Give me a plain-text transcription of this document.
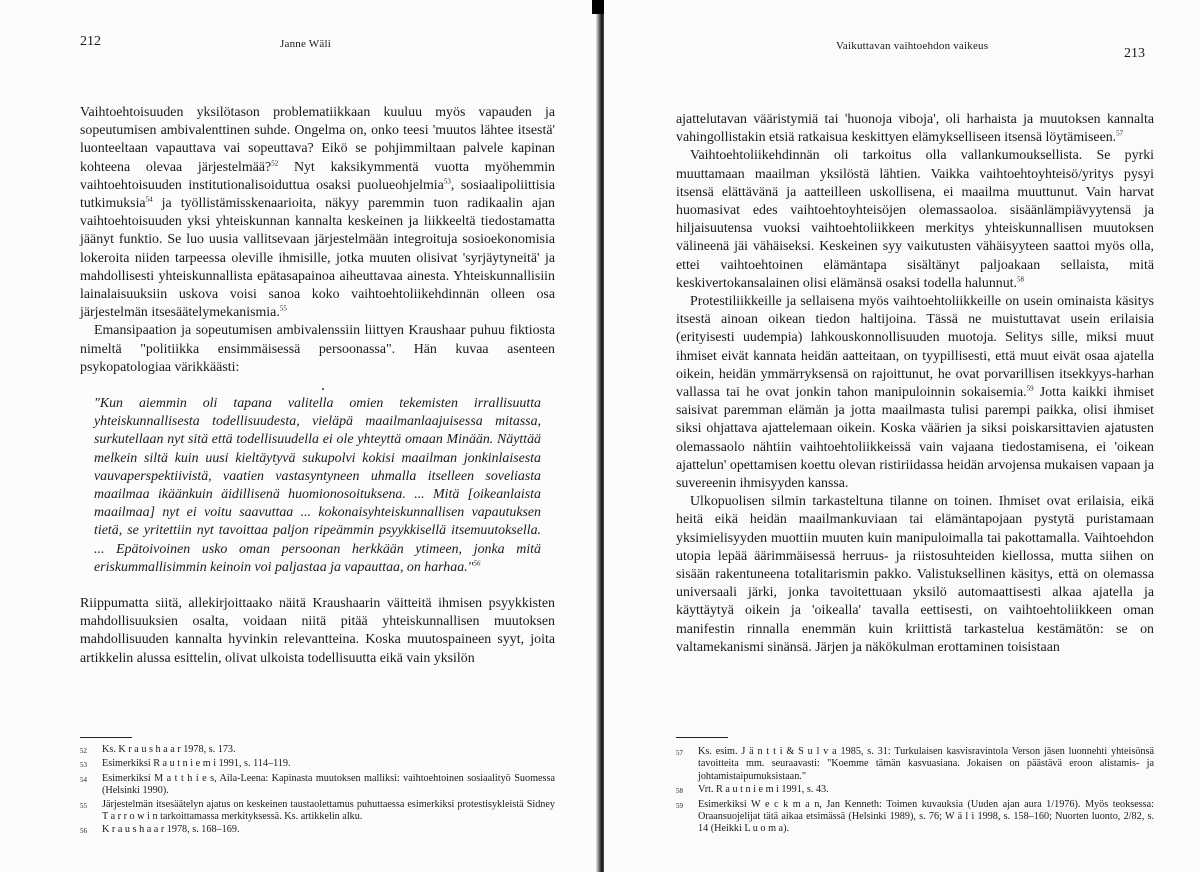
212	Janne Wäli

Vaihtoehtoisuuden yksilötason problematiikkaan kuuluu myös vapauden ja sopeutumisen ambivalenttinen suhde. Ongelma on, onko teesi 'muutos lähtee itsestä' luonteeltaan vapauttava vai sopeuttava? Eikö se pohjimmiltaan palvele kapinan kohteena olevaa järjestelmää?$^{52}$ Nyt kaksikymmentä vuotta myöhemmin vaihtoehtoisuuden institutionalisoiduttua osaksi puolueohjelmia$^{53}$, sosiaalipoliittisia tutkimuksia$^{54}$ ja työllistämisskenaarioita, näkyy paremmin tuon radikaalin ajan vaihtoehtoisuuden yksi yhteiskunnan kannalta keskeinen ja liikkeeltä tiedostamatta jäänyt funktio. Se luo uusia vallitsevaan järjestelmään integroituja sosioekonomisia lokeroita niiden tarpeessa oleville ihmisille, jotka muuten olisivat 'syrjäytyneitä' ja mahdollisesti yhteiskunnallista epätasapainoa aiheuttavaa ainesta. Yhteiskunnallisiin lainalaisuuksiin uskova voisi sanoa koko vaihtoehtoliikehdinnän olleen osa järjestelmän itsesäätelymekanismia.$^{55}$

Emansipaation ja sopeutumisen ambivalenssiin liittyen Kraushaar puhuu fiktiosta nimeltä "politiikka ensimmäisessä persoonassa". Hän kuvaa asenteen psykopatologiaa värikkäästi:

"Kun aiemmin oli tapana valitella omien tekemisten irrallisuutta yhteiskunnallisesta todellisuudesta, vieläpä maailmanlaajuisessa mitassa, surkutellaan nyt sitä että todellisuudella ei ole yhteyttä omaan Minään. Näyttää melkein siltä kuin uusi kieltäytyvä sukupolvi kokisi maailman jonkinlaisesta vauvaperspektiivistä, vaatien vastasyntyneen uhmalla itselleen soveliasta maailmaa ikäänkuin äidillisenä huomionosoituksena. ... Mitä [oikeanlaista maailmaa] nyt ei voitu saavuttaa ... kokonaisyhteiskunnallisen vapautuksen tietä, se yritettiin nyt tavoittaa paljon ripeämmin psyykkisellä itsemuutoksella. ... Epätoivoinen usko oman persoonan herkkään ytimeen, jonka mitä eriskummallisimmin keinoin voi paljastaa ja vapauttaa, on harhaa."$^{56}$

Riippumatta siitä, allekirjoittaako näitä Kraushaarin väitteitä ihmisen psyykkisten mahdollisuuksien osalta, voidaan niitä pitää yhteiskunnallisen muutoksen mahdollisuuden kannalta hyvinkin relevantteina. Koska muutospaineen syyt, joita artikkelin alussa esittelin, olivat ulkoista todellisuutta eikä vain yksilön

52	Ks. K r a u s h a a r 1978, s. 173.
53	Esimerkiksi R a u t n i e m i 1991, s. 114–119.
54	Esimerkiksi M a t t h i e s, Aila-Leena: Kapinasta muutoksen malliksi: vaihtoehtoinen sosiaalityö Suomessa (Helsinki 1990).
55	Järjestelmän itsesäätelyn ajatus on keskeinen taustaolettamus puhuttaessa esimerkiksi protestisykleistä Sidney T a r r o w i n tarkoittamassa merkityksessä. Ks. artikkelin alku.
56	K r a u s h a a r 1978, s. 168–169.
Vaikuttavan vaihtoehdon vaikeus	213

ajattelutavan vääristymiä tai 'huonoja viboja', oli harhaista ja muutoksen kannalta vahingollistakin etsiä ratkaisua keskittyen elämykselliseen itsensä löytämiseen.$^{57}$

Vaihtoehtoliikehdinnän oli tarkoitus olla vallankumouksellista. Se pyrki muuttamaan maailman yksilöstä lähtien. Vaikka vaihtoehtoyhteisö/yritys pysyi itsensä elättävänä ja aatteilleen uskollisena, ei maailma muuttunut. Vain harvat huomasivat edes vaihtoehtoyhteisöjen olemassaoloa. sisäänlämpiävyytensä ja hiljaisuutensa vuoksi vaihtoehtoliikkeen merkitys yhteiskunnallisen muutoksen välineenä jäi vähäiseksi. Keskeinen syy vaikutusten vähäisyyteen saattoi myös olla, ettei vaihtoehtoinen elämäntapa sisältänyt paljoakaan sellaista, mitä keskivertokansalainen olisi elämänsä osaksi todella halunnut.$^{58}$

Protestiliikkeille ja sellaisena myös vaihtoehtoliikkeille on usein ominaista käsitys itsestä ainoan oikean tiedon haltijoina. Tässä ne muistuttavat usein erilaisia (erityisesti uudempia) lahkouskonnollisuuden muotoja. Selitys sille, miksi muut ihmiset eivät kannata heidän aatteitaan, on tyypillisesti, että muut eivät osaa ajatella oikein, heidän ymmärryksensä on rajoittunut, he ovat porvarillisen itsekkyys-harhan vallassa tai he ovat jonkin tahon manipuloinnin sokaisemia.$^{59}$ Jotta kaikki ihmiset saisivat paremman elämän ja jotta maailmasta tulisi parempi paikka, olisi ihmiset siksi ohjattava ajattelemaan oikein. Koska väärien ja siksi poiskarsittavien ajatusten olemassaolo nähtiin vaihtoehtoliikkeissä vain vajaana tiedostamisena, ei 'oikean ajattelun' opettamisen koettu olevan ristiriidassa heidän arvojensa mukaisen vapaan ja suvereenin ihmisyyden kanssa.

Ulkopuolisen silmin tarkasteltuna tilanne on toinen. Ihmiset ovat erilaisia, eikä heitä eikä heidän maailmankuviaan tai elämäntapojaan pystytä puristamaan yksimielisyyden muottiin muuten kuin manipuloimalla tai pakottamalla. Vaihtoehdon utopia lepää äärimmäisessä herruus- ja riistosuhteiden kiellossa, mutta siihen on sisään rakentuneena totalitarismin pakko. Valistuksellinen käsitys, että on olemassa universaali järki, jonka tavoitettuaan yksilö automaattisesti alkaa ajatella ja käyttäytyä oikein ja 'oikealla' tavalla eettisesti, on vaihtoehtoliikkeen oman manifestin rinnalla enemmän kuin kriittistä tarkastelua kestämätön: se on valtamekanismi sinänsä. Järjen ja näkökulman erottaminen toisistaan

57	Ks. esim. J ä n t t i & S u l v a 1985, s. 31: Turkulaisen kasvisravintola Verson jäsen luonnehti yhteisönsä tavoitteita mm. seuraavasti: "Koemme tämän kasvuasiana. Jokaisen on päästävä eroon alistamis- ja johtamistaipumuksistaan."
58	Vrt. R a u t n i e m i 1991, s. 43.
59	Esimerkiksi W e c k m a n, Jan Kenneth: Toimen kuvauksia (Uuden ajan aura 1/1976). Myös teoksessa: Oraansuojelijat tätä aikaa etsimässä (Helsinki 1989), s. 76; W ä l i 1998, s. 158–160; Nuorten luonto, 2/82, s. 14 (Heikki L u o m a).
